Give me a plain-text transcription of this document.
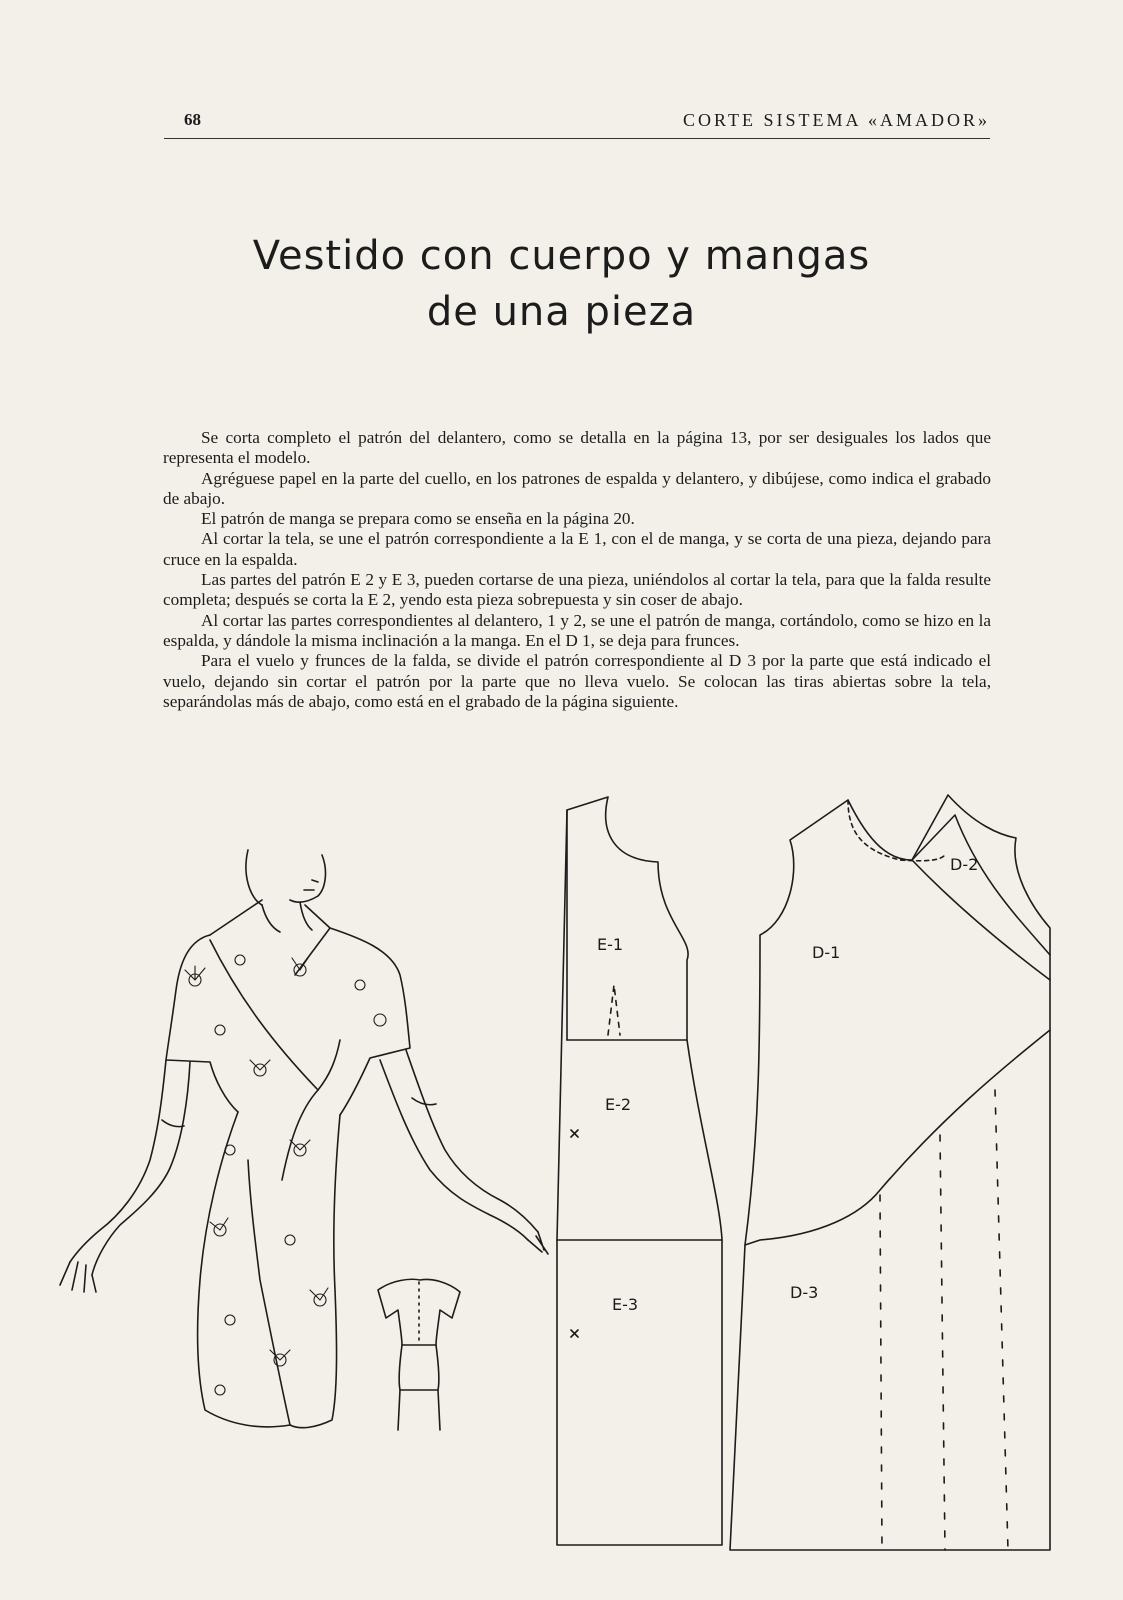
68	CORTE SISTEMA «AMADOR»
Vestido con cuerpo y mangas
de una pieza

Se corta completo el patrón del delantero, como se detalla en la página 13, por ser desiguales los lados que representa el modelo.

Agréguese papel en la parte del cuello, en los patrones de espalda y delantero, y dibújese, como indica el grabado de abajo.

El patrón de manga se prepara como se enseña en la página 20.

Al cortar la tela, se une el patrón correspondiente a la E 1, con el de manga, y se corta de una pieza, dejando para cruce en la espalda.

Las partes del patrón E 2 y E 3, pueden cortarse de una pieza, uniéndolos al cortar la tela, para que la falda resulte completa; después se corta la E 2, yendo esta pieza sobrepuesta y sin coser de abajo.

Al cortar las partes correspondientes al delantero, 1 y 2, se une el patrón de manga, cortándolo, como se hizo en la espalda, y dándole la misma inclinación a la manga. En el D 1, se deja para frunces.

Para el vuelo y frunces de la falda, se divide el patrón correspondiente al D 3 por la parte que está indicado el vuelo, dejando sin cortar el patrón por la parte que no lleva vuelo. Se colocan las tiras abiertas sobre la tela, separándolas más de abajo, como está en el grabado de la página siguiente.

E-1
E-2
E-3
D-1
D-2
D-3
